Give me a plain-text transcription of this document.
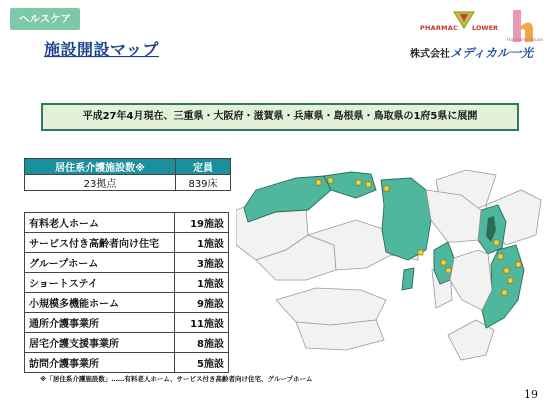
ヘルスケア
施設開設マップ
PHARMAC LOWER
Harmony House
株式会社メディカル一光
平成27年4月現在、三重県・大阪府・滋賀県・兵庫県・島根県・鳥取県の1府5県に展開
居住系介護施設数※	定員
23拠点	839床
有料老人ホーム	19施設
サービス付き高齢者向け住宅	1施設
グループホーム	3施設
ショートステイ	1施設
小規模多機能ホーム	9施設
通所介護事業所	11施設
居宅介護支援事業所	8施設
訪問介護事業所	5施設
※「居住系介護施設数」……有料老人ホーム、サービス付き高齢者向け住宅、グループホーム
19
